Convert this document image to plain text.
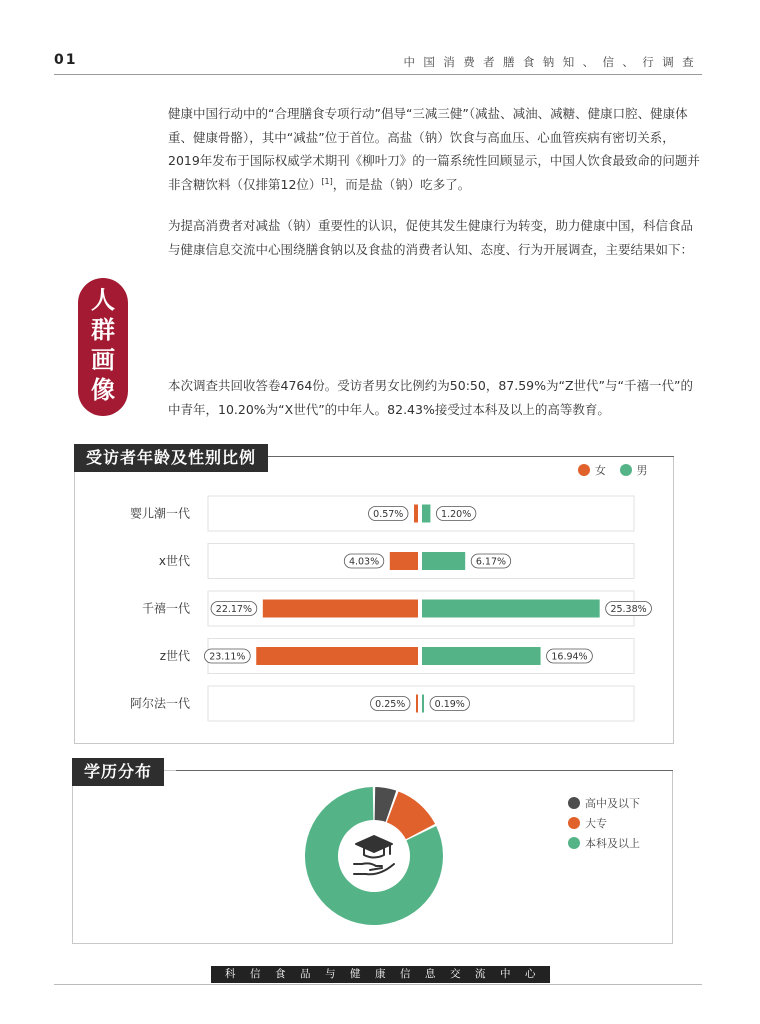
01	中国消费者膳食钠知、信、行调查

健康中国行动中的“合理膳食专项行动”倡导“三减三健”（减盐、减油、减糖、健康口腔、健康体重、健康骨骼），其中“减盐”位于首位。高盐（钠）饮食与高血压、心血管疾病有密切关系，2019年发布于国际权威学术期刊《柳叶刀》的一篇系统性回顾显示，中国人饮食最致命的问题并非含糖饮料（仅排第12位）[1]，而是盐（钠）吃多了。

为提高消费者对减盐（钠）重要性的认识，促使其发生健康行为转变，助力健康中国，科信食品与健康信息交流中心围绕膳食钠以及食盐的消费者认知、态度、行为开展调查，主要结果如下：

人
群
画
像	本次调查共回收答卷4764份。受访者男女比例约为50:50，87.59%为“Z世代”与“千禧一代”的中青年，10.20%为“X世代”的中年人。82.43%接受过本科及以上的高等教育。

受访者年龄及性别比例
女	男
婴儿潮一代	0.57%	1.20%
x世代	4.03%	6.17%
千禧一代	22.17%	25.38%
z世代 23.11%	16.94%
阿尔法一代	0.25%	0.19%
学历分布
高中及以下
大专
本科及以上
科信食品与健康信息交流中心
